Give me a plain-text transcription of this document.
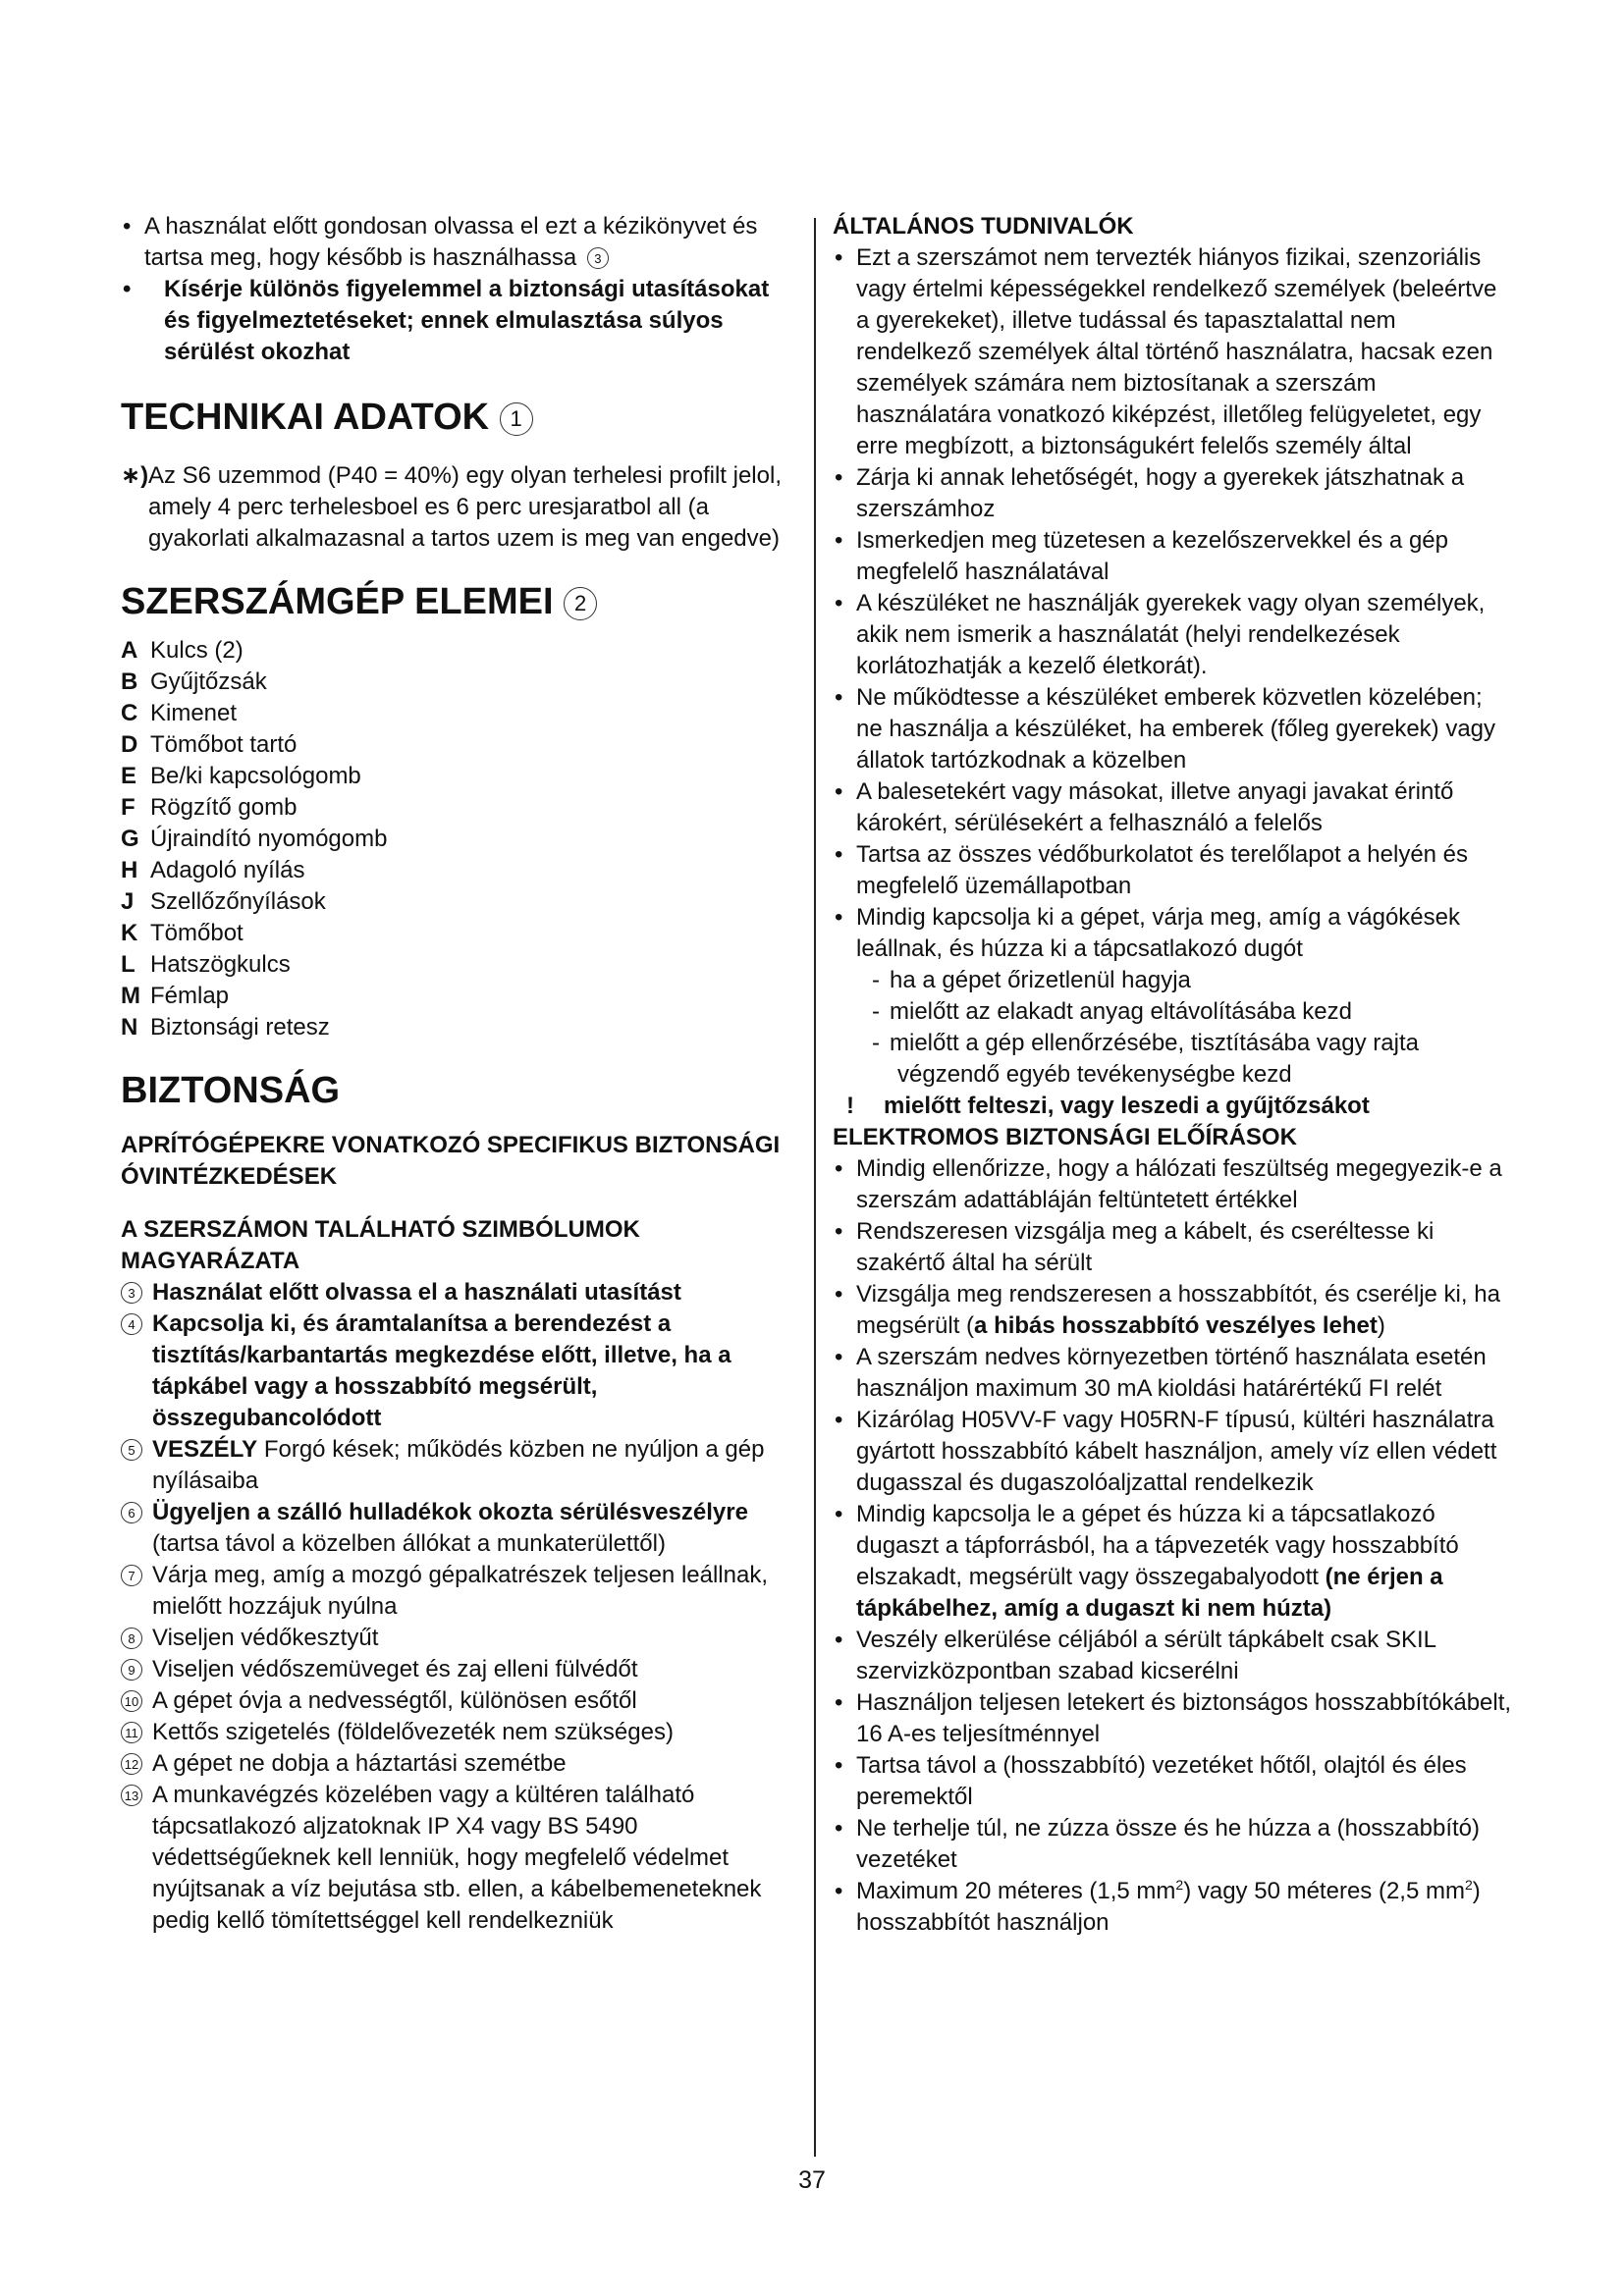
• A használat előtt gondosan olvassa el ezt a kézikönyvet és tartsa meg, hogy később is használhassa 3
• Kísérje különös figyelemmel a biztonsági utasításokat és figyelmeztetéseket; ennek elmulasztása súlyos sérülést okozhat
TECHNIKAI ADATOK 1
∗) Az S6 uzemmod (P40 = 40%) egy olyan terhelesi profilt jelol, amely 4 perc terhelesboel es 6 perc uresjaratbol all (a gyakorlati alkalmazasnal a tartos uzem is meg van engedve)
SZERSZÁMGÉP ELEMEI 2
A Kulcs (2)
B Gyűjtőzsák
C Kimenet
D Tömőbot tartó
E Be/ki kapcsológomb
F Rögzítő gomb
G Újraindító nyomógomb
H Adagoló nyílás
J Szellőzőnyílások
K Tömőbot
L Hatszögkulcs
M Fémlap
N Biztonsági retesz
BIZTONSÁG
APRÍTÓGÉPEKRE VONATKOZÓ SPECIFIKUS BIZTONSÁGI ÓVINTÉZKEDÉSEK
A SZERSZÁMON TALÁLHATÓ SZIMBÓLUMOK MAGYARÁZATA
3 Használat előtt olvassa el a használati utasítást
4 Kapcsolja ki, és áramtalanítsa a berendezést a tisztítás/karbantartás megkezdése előtt, illetve, ha a tápkábel vagy a hosszabbító megsérült, összegubancolódott
5 VESZÉLY Forgó kések; működés közben ne nyúljon a gép nyílásaiba
6 Ügyeljen a szálló hulladékok okozta sérülésveszélyre (tartsa távol a közelben állókat a munkaterülettől)
7 Várja meg, amíg a mozgó gépalkatrészek teljesen leállnak, mielőtt hozzájuk nyúlna
8 Viseljen védőkesztyűt
9 Viseljen védőszemüveget és zaj elleni fülvédőt
10 A gépet óvja a nedvességtől, különösen esőtől
11 Kettős szigetelés (földelővezeték nem szükséges)
12 A gépet ne dobja a háztartási szemétbe
13 A munkavégzés közelében vagy a kültéren található tápcsatlakozó aljzatoknak IP X4 vagy BS 5490 védettségűeknek kell lenniük, hogy megfelelő védelmet nyújtsanak a víz bejutása stb. ellen, a kábelbemeneteknek pedig kellő tömítettséggel kell rendelkezniük
ÁLTALÁNOS TUDNIVALÓK
• Ezt a szerszámot nem tervezték hiányos fizikai, szenzoriális vagy értelmi képességekkel rendelkező személyek (beleértve a gyerekeket), illetve tudással és tapasztalattal nem rendelkező személyek által történő használatra, hacsak ezen személyek számára nem biztosítanak a szerszám használatára vonatkozó kiképzést, illetőleg felügyeletet, egy erre megbízott, a biztonságukért felelős személy által
• Zárja ki annak lehetőségét, hogy a gyerekek játszhatnak a szerszámhoz
• Ismerkedjen meg tüzetesen a kezelőszervekkel és a gép megfelelő használatával
• A készüléket ne használják gyerekek vagy olyan személyek, akik nem ismerik a használatát (helyi rendelkezések korlátozhatják a kezelő életkorát).
• Ne működtesse a készüléket emberek közvetlen közelében; ne használja a készüléket, ha emberek (főleg gyerekek) vagy állatok tartózkodnak a közelben
• A balesetekért vagy másokat, illetve anyagi javakat érintő károkért, sérülésekért a felhasználó a felelős
• Tartsa az összes védőburkolatot és terelőlapot a helyén és megfelelő üzemállapotban
• Mindig kapcsolja ki a gépet, várja meg, amíg a vágókések leállnak, és húzza ki a tápcsatlakozó dugót
- ha a gépet őrizetlenül hagyja
- mielőtt az elakadt anyag eltávolításába kezd
- mielőtt a gép ellenőrzésébe, tisztításába vagy rajta
végzendő egyéb tevékenységbe kezd
!	mielőtt felteszi, vagy leszedi a gyűjtőzsákot
ELEKTROMOS BIZTONSÁGI ELŐÍRÁSOK
• Mindig ellenőrizze, hogy a hálózati feszültség megegyezik-e a szerszám adattábláján feltüntetett értékkel
• Rendszeresen vizsgálja meg a kábelt, és cseréltesse ki szakértő által ha sérült
• Vizsgálja meg rendszeresen a hosszabbítót, és cserélje ki, ha megsérült (a hibás hosszabbító veszélyes lehet)
• A szerszám nedves környezetben történő használata esetén használjon maximum 30 mA kioldási határértékű FI relét
• Kizárólag H05VV-F vagy H05RN-F típusú, kültéri használatra gyártott hosszabbító kábelt használjon, amely víz ellen védett dugasszal és dugaszolóaljzattal rendelkezik
• Mindig kapcsolja le a gépet és húzza ki a tápcsatlakozó dugaszt a tápforrásból, ha a tápvezeték vagy hosszabbító elszakadt, megsérült vagy összegabalyodott (ne érjen a tápkábelhez, amíg a dugaszt ki nem húzta)
• Veszély elkerülése céljából a sérült tápkábelt csak SKIL szervizközpontban szabad kicserélni
• Használjon teljesen letekert és biztonságos hosszabbítókábelt, 16 A-es teljesítménnyel
• Tartsa távol a (hosszabbító) vezetéket hőtől, olajtól és éles peremektől
• Ne terhelje túl, ne zúzza össze és he húzza a (hosszabbító) vezetéket
• Maximum 20 méteres (1,5 $mm^2$) vagy 50 méteres (2,5 $mm^2$) hosszabbítót használjon
37
